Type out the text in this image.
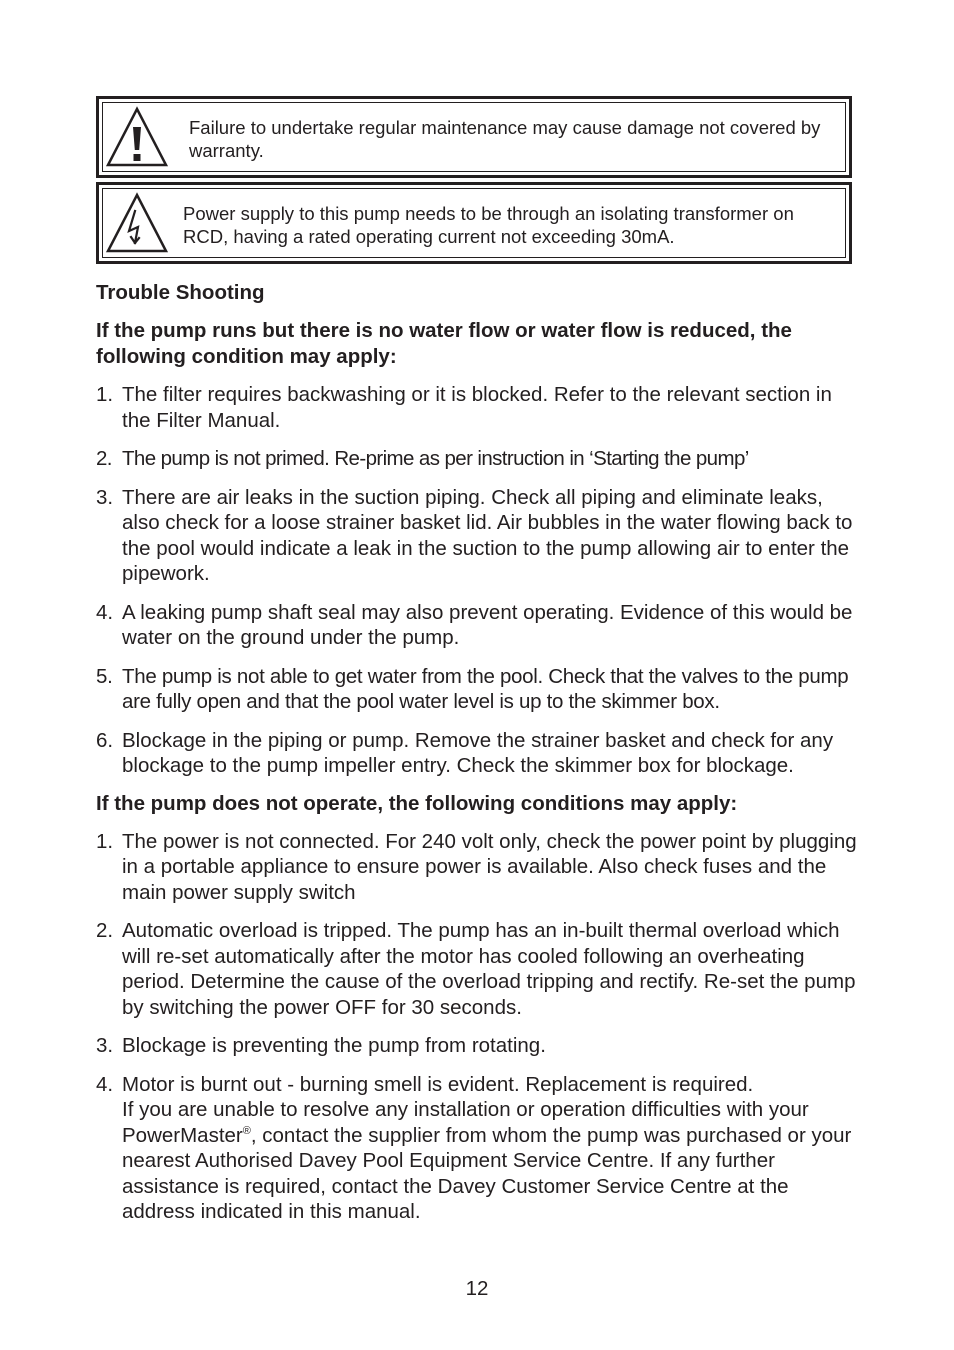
Failure to undertake regular maintenance may cause damage not covered by warranty.
Power supply to this pump needs to be through an isolating transformer on RCD, having a rated operating current not exceeding 30mA.

Trouble Shooting

If the pump runs but there is no water flow or water flow is reduced, the following condition may apply:

1. The filter requires backwashing or it is blocked. Refer to the relevant section in the Filter Manual.
2. The pump is not primed. Re-prime as per instruction in ‘Starting the pump’
3. There are air leaks in the suction piping. Check all piping and eliminate leaks, also check for a loose strainer basket lid. Air bubbles in the water flowing back to the pool would indicate a leak in the suction to the pump allowing air to enter the pipework.
4. A leaking pump shaft seal may also prevent operating. Evidence of this would be water on the ground under the pump.
5. The pump is not able to get water from the pool. Check that the valves to the pump are fully open and that the pool water level is up to the skimmer box.
6. Blockage in the piping or pump. Remove the strainer basket and check for any blockage to the pump impeller entry. Check the skimmer box for blockage.

If the pump does not operate, the following conditions may apply:

1. The power is not connected. For 240 volt only, check the power point by plugging in a portable appliance to ensure power is available. Also check fuses and the main power supply switch
2. Automatic overload is tripped. The pump has an in-built thermal overload which will re-set automatically after the motor has cooled following an overheating period. Determine the cause of the overload tripping and rectify. Re-set the pump by switching the power OFF for 30 seconds.
3. Blockage is preventing the pump from rotating.
4. Motor is burnt out - burning smell is evident. Replacement is required.
If you are unable to resolve any installation or operation difficulties with your PowerMaster®, contact the supplier from whom the pump was purchased or your nearest Authorised Davey Pool Equipment Service Centre. If any further assistance is required, contact the Davey Customer Service Centre at the address indicated in this manual.
12
